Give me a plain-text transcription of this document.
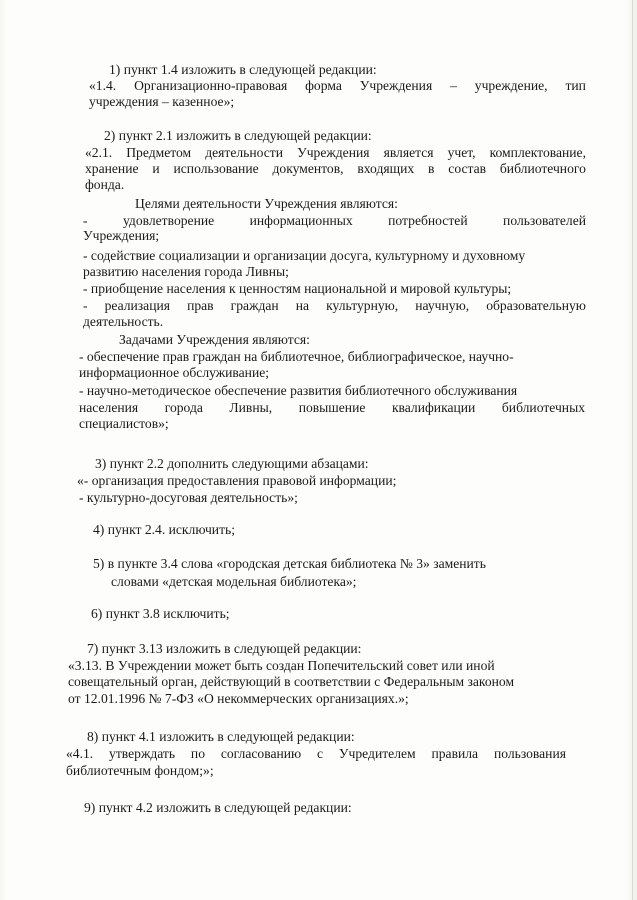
1) пункт 1.4 изложить в следующей редакции:
«1.4. Организационно-правовая форма Учреждения – учреждение, тип
учреждения – казенное»;
2) пункт 2.1 изложить в следующей редакции:
«2.1. Предметом деятельности Учреждения является учет, комплектование,
хранение и использование документов, входящих в состав библиотечного
фонда.
Целями деятельности Учреждения являются:
-	удовлетворение	информационных	потребностей	пользователей
Учреждения;
- содействие социализации и организации досуга, культурному и духовному
развитию населения города Ливны;
- приобщение населения к ценностям национальной и мировой культуры;
- реализация прав граждан на культурную, научную, образовательную
деятельность.
Задачами Учреждения являются:
- обеспечение прав граждан на библиотечное, библиографическое, научно-
информационное обслуживание;
- научно-методическое обеспечение развития библиотечного обслуживания
населения города Ливны, повышение квалификации библиотечных
специалистов»;
3) пункт 2.2 дополнить следующими абзацами:
«- организация предоставления правовой информации;
- культурно-досуговая деятельность»;
4) пункт 2.4. исключить;
5) в пункте 3.4 слова «городская детская библиотека № 3» заменить
словами «детская модельная библиотека»;
6) пункт 3.8 исключить;
7) пункт 3.13 изложить в следующей редакции:
«3.13. В Учреждении может быть создан Попечительский совет или иной
совещательный орган, действующий в соответствии с Федеральным законом
от 12.01.1996 № 7-ФЗ «О некоммерческих организациях.»;
8) пункт 4.1 изложить в следующей редакции:
«4.1. утверждать по согласованию с Учредителем правила пользования
библиотечным фондом;»;
9) пункт 4.2 изложить в следующей редакции:
